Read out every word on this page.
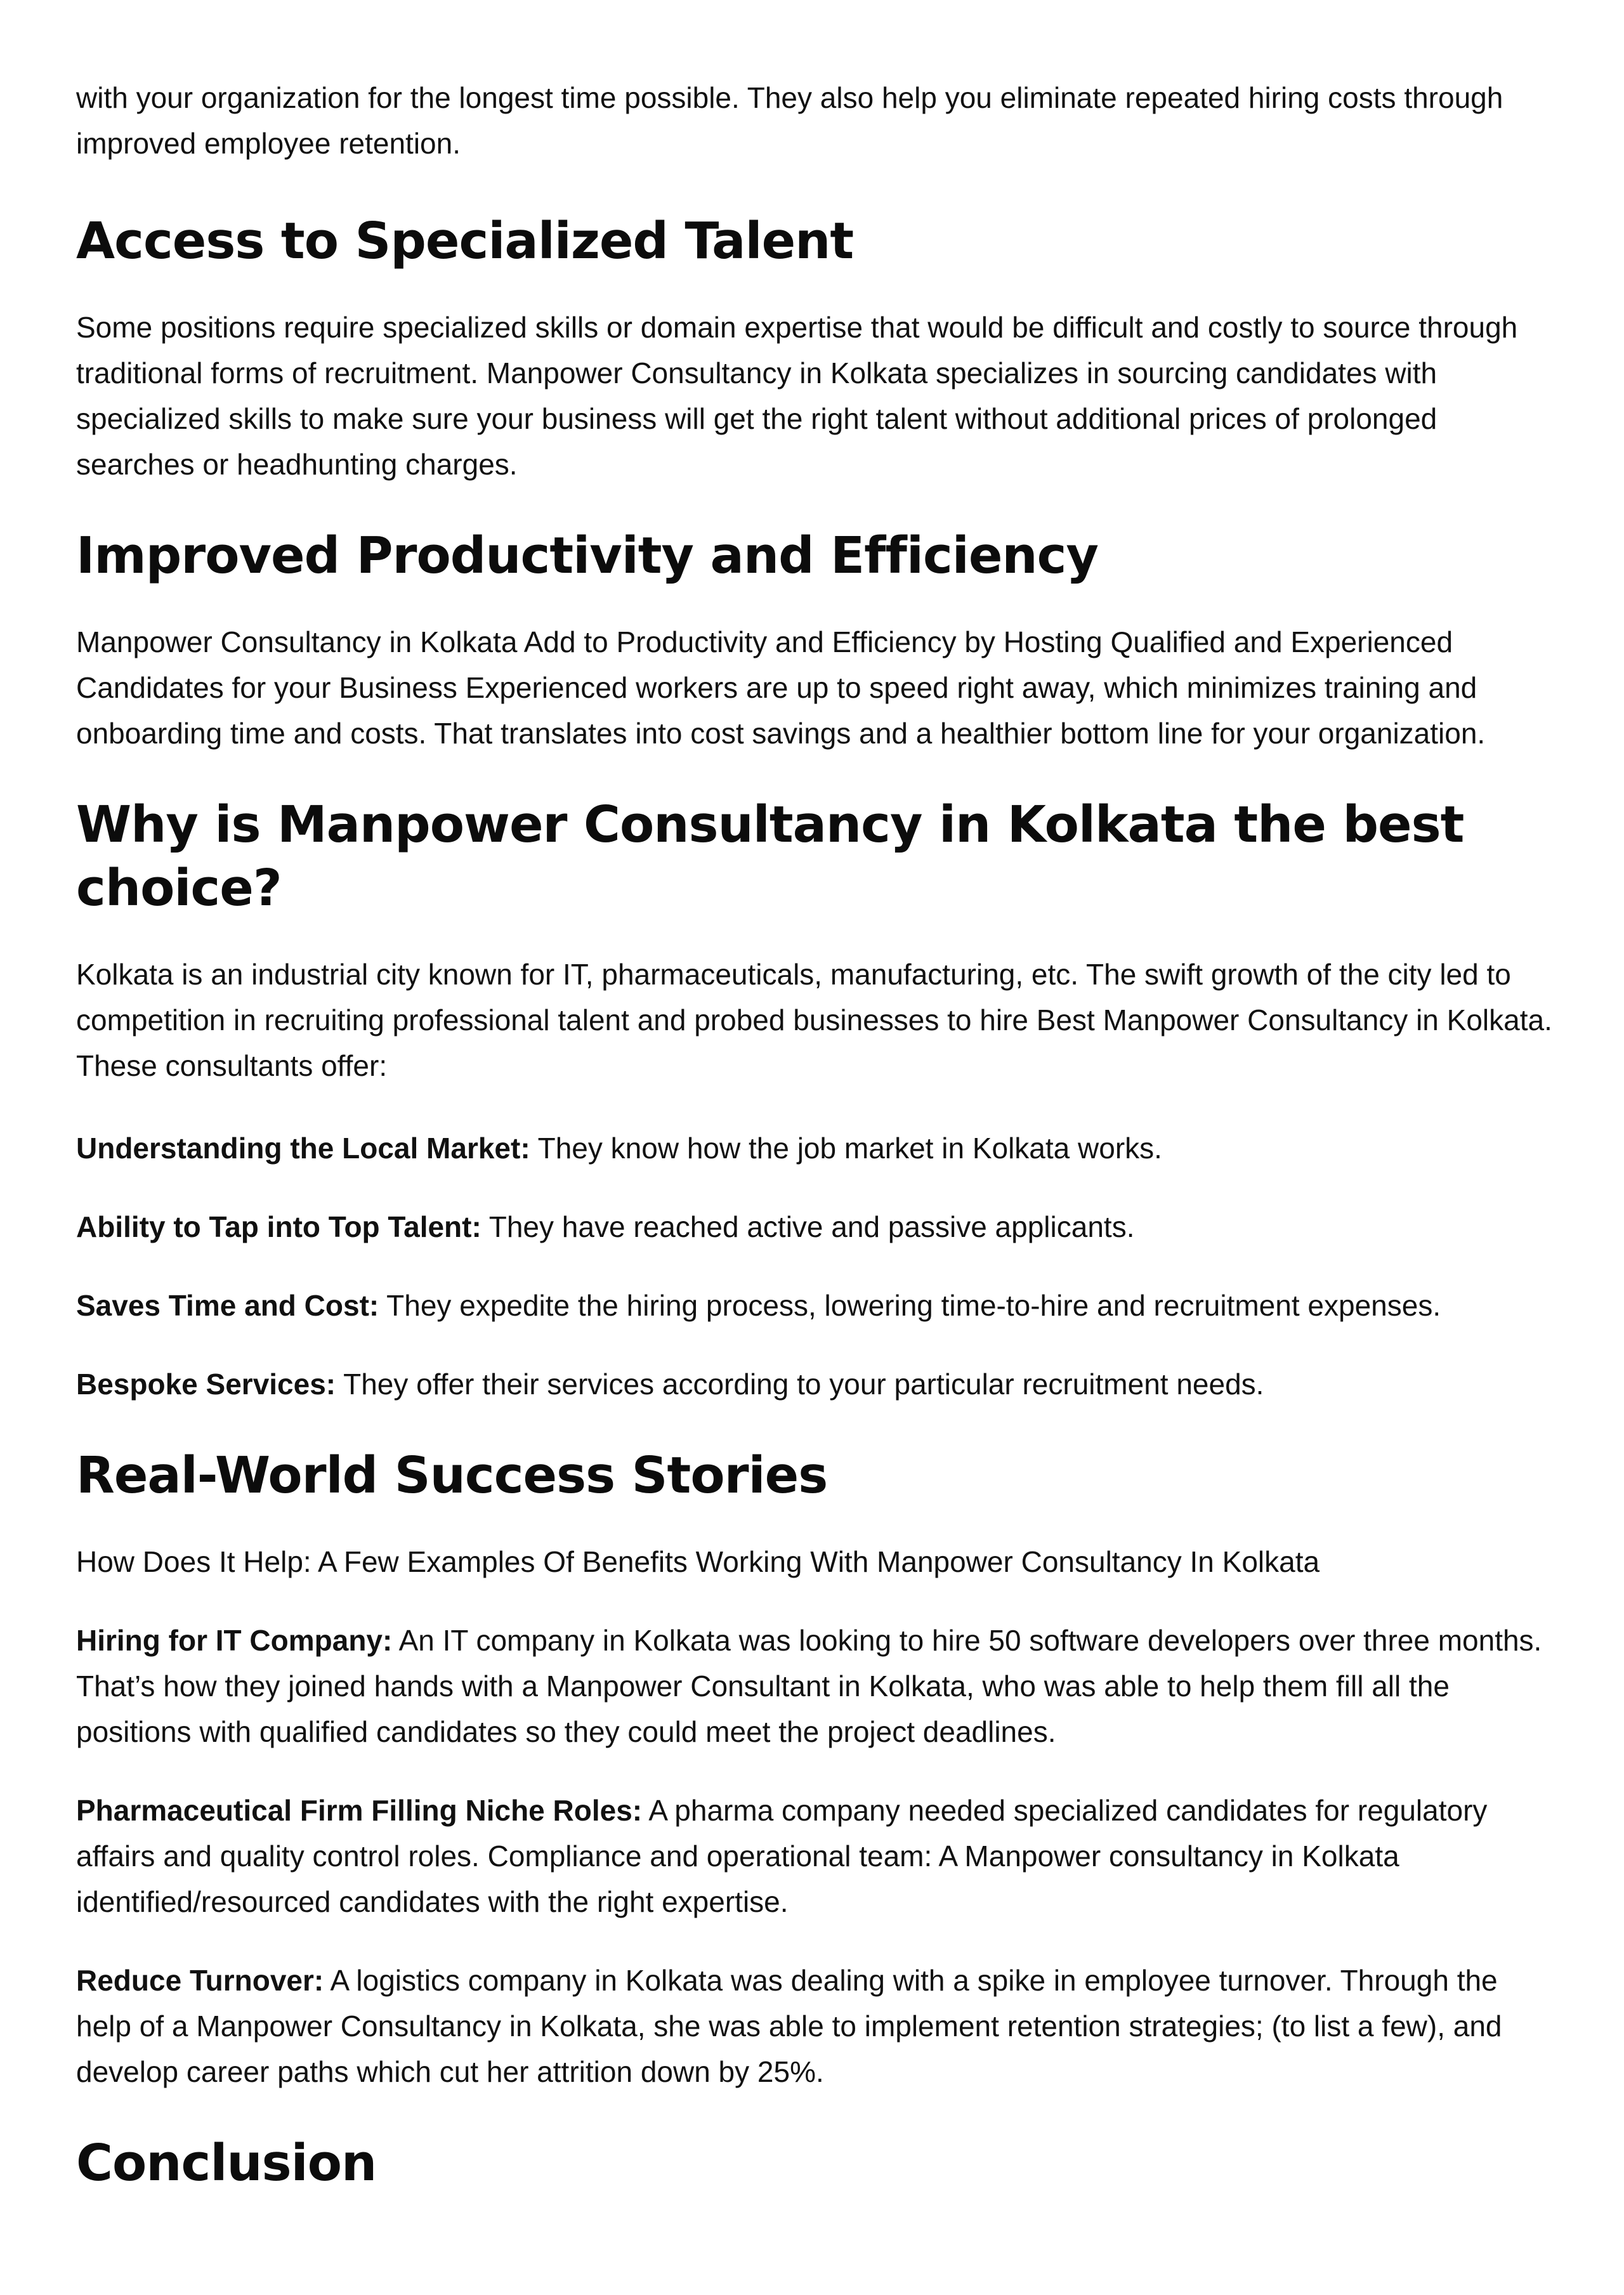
with your organization for the longest time possible. They also help you eliminate repeated hiring costs through improved employee retention.

Access to Specialized Talent

Some positions require specialized skills or domain expertise that would be difficult and costly to source through traditional forms of recruitment. Manpower Consultancy in Kolkata specializes in sourcing candidates with specialized skills to make sure your business will get the right talent without additional prices of prolonged searches or headhunting charges.

Improved Productivity and Efficiency

Manpower Consultancy in Kolkata Add to Productivity and Efficiency by Hosting Qualified and Experienced Candidates for your Business Experienced workers are up to speed right away, which minimizes training and onboarding time and costs. That translates into cost savings and a healthier bottom line for your organization.

Why is Manpower Consultancy in Kolkata the best choice?

Kolkata is an industrial city known for IT, pharmaceuticals, manufacturing, etc. The swift growth of the city led to competition in recruiting professional talent and probed businesses to hire Best Manpower Consultancy in Kolkata. These consultants offer:

Understanding the Local Market: They know how the job market in Kolkata works.

Ability to Tap into Top Talent: They have reached active and passive applicants.

Saves Time and Cost: They expedite the hiring process, lowering time-to-hire and recruitment expenses.

Bespoke Services: They offer their services according to your particular recruitment needs.

Real-World Success Stories

How Does It Help: A Few Examples Of Benefits Working With Manpower Consultancy In Kolkata

Hiring for IT Company: An IT company in Kolkata was looking to hire 50 software developers over three months. That’s how they joined hands with a Manpower Consultant in Kolkata, who was able to help them fill all the positions with qualified candidates so they could meet the project deadlines.

Pharmaceutical Firm Filling Niche Roles: A pharma company needed specialized candidates for regulatory affairs and quality control roles. Compliance and operational team: A Manpower consultancy in Kolkata identified/resourced candidates with the right expertise.

Reduce Turnover: A logistics company in Kolkata was dealing with a spike in employee turnover. Through the help of a Manpower Consultancy in Kolkata, she was able to implement retention strategies; (to list a few), and develop career paths which cut her attrition down by 25%.

Conclusion
